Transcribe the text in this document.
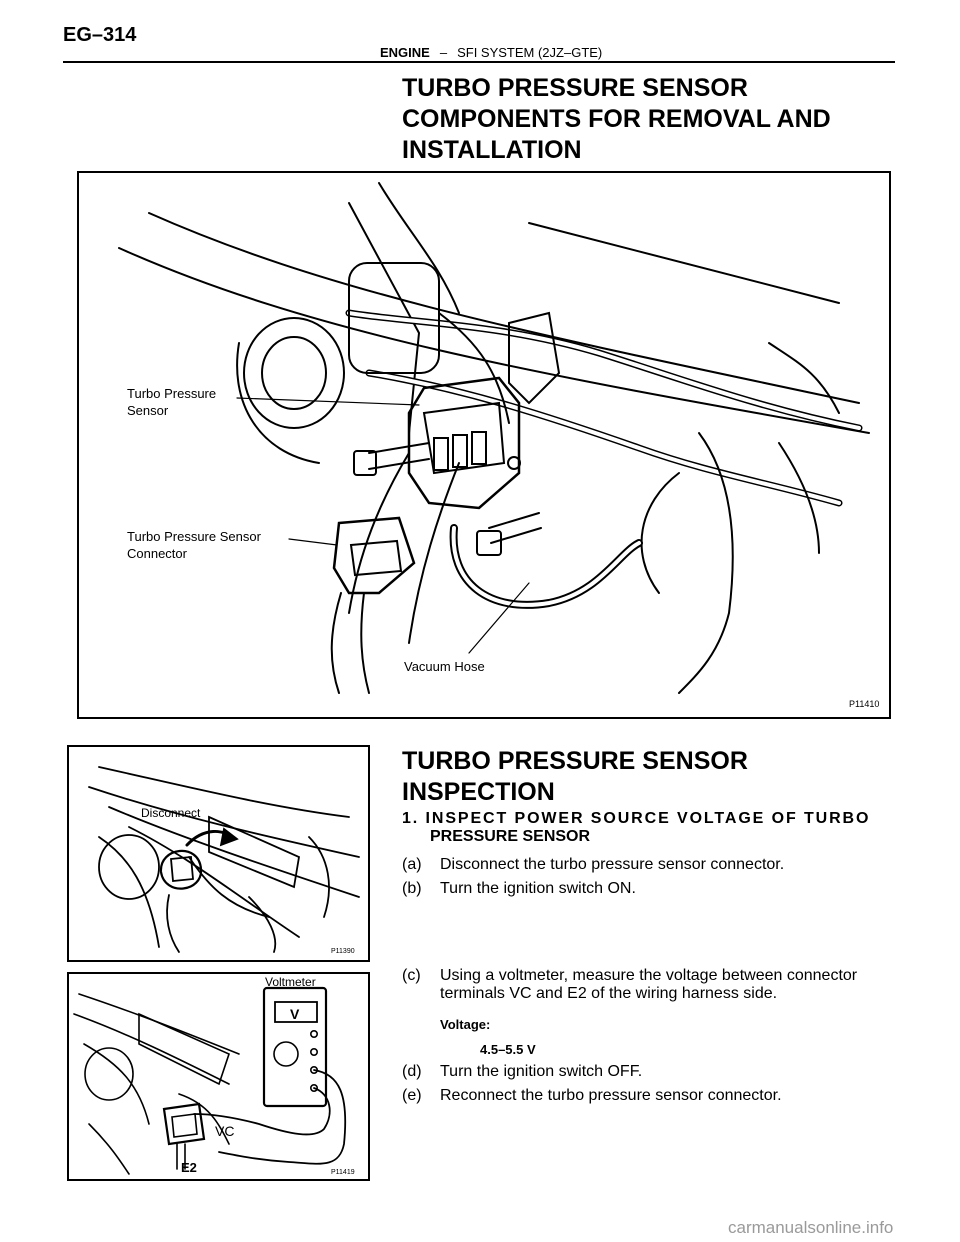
EG–314
ENGINE – SFI SYSTEM (2JZ–GTE)
TURBO PRESSURE SENSOR COMPONENTS FOR REMOVAL AND INSTALLATION
Turbo Pressure
Sensor
Turbo Pressure Sensor
Connector
Vacuum Hose
P11410
TURBO PRESSURE SENSOR INSPECTION
Disconnect
P11390
Voltmeter
V
VC
E2	P11419
1. INSPECT POWER SOURCE VOLTAGE OF TURBO
PRESSURE SENSOR
(a) Disconnect the turbo pressure sensor connector.
(b) Turn the ignition switch ON.
(c) Using a voltmeter, measure the voltage between connector
terminals VC and E2 of the wiring harness side.
Voltage:
4.5–5.5 V
(d) Turn the ignition switch OFF.
(e) Reconnect the turbo pressure sensor connector.
carmanualsonline.info
